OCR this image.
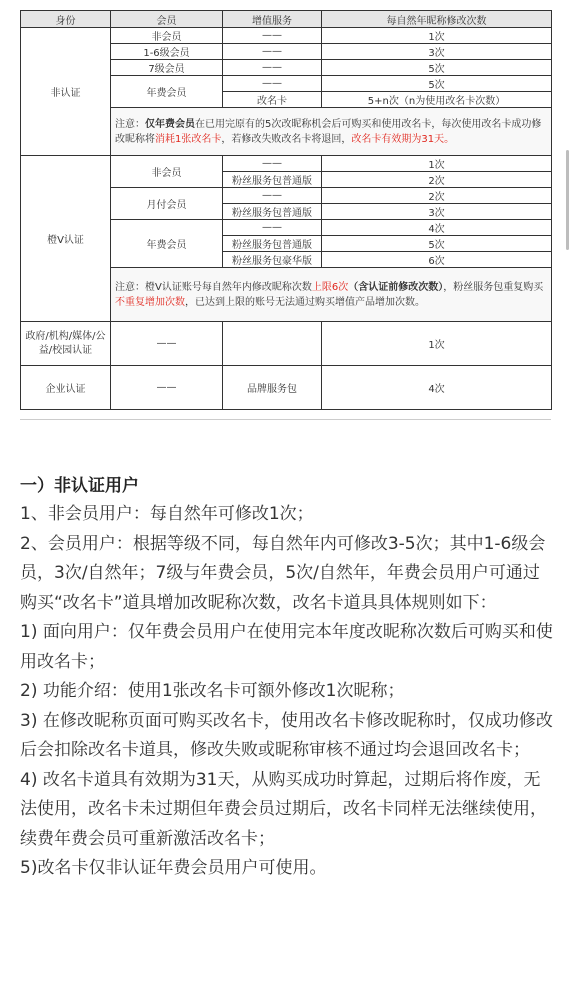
身份	会员	增值服务	每自然年昵称修改次数
非认证	非会员	——	1次
	1-6级会员	——	3次
	7级会员	——	5次
	年费会员	——	5次
		改名卡	5+n次（n为使用改名卡次数）
	注意：仅年费会员在已用完原有的5次改昵称机会后可购买和使用改名卡，每次使用改名卡成功修改昵称将消耗1张改名卡，若修改失败改名卡将退回，改名卡有效期为31天。		
橙V认证	非会员	——	1次
		粉丝服务包普通版	2次
	月付会员	——	2次
		粉丝服务包普通版	3次
	年费会员	——	4次
		粉丝服务包普通版	5次
		粉丝服务包豪华版	6次
	注意：橙V认证账号每自然年内修改昵称次数上限6次（含认证前修改次数），粉丝服务包重复购买不重复增加次数，已达到上限的账号无法通过购买增值产品增加次数。		
政府/机构/媒体/公益/校园认证	——		1次
企业认证	——	品牌服务包	4次
一）非认证用户

1、非会员用户：每自然年可修改1次；

2、会员用户：根据等级不同，每自然年内可修改3-5次；其中1-6级会员，3次/自然年；7级与年费会员，5次/自然年，年费会员用户可通过购买“改名卡”道具增加改昵称次数，改名卡道具具体规则如下：

1) 面向用户：仅年费会员用户在使用完本年度改昵称次数后可购买和使用改名卡；

2) 功能介绍：使用1张改名卡可额外修改1次昵称；

3) 在修改昵称页面可购买改名卡，使用改名卡修改昵称时，仅成功修改后会扣除改名卡道具，修改失败或昵称审核不通过均会退回改名卡；

4) 改名卡道具有效期为31天，从购买成功时算起，过期后将作废，无法使用，改名卡未过期但年费会员过期后，改名卡同样无法继续使用，续费年费会员可重新激活改名卡；

5)改名卡仅非认证年费会员用户可使用。
